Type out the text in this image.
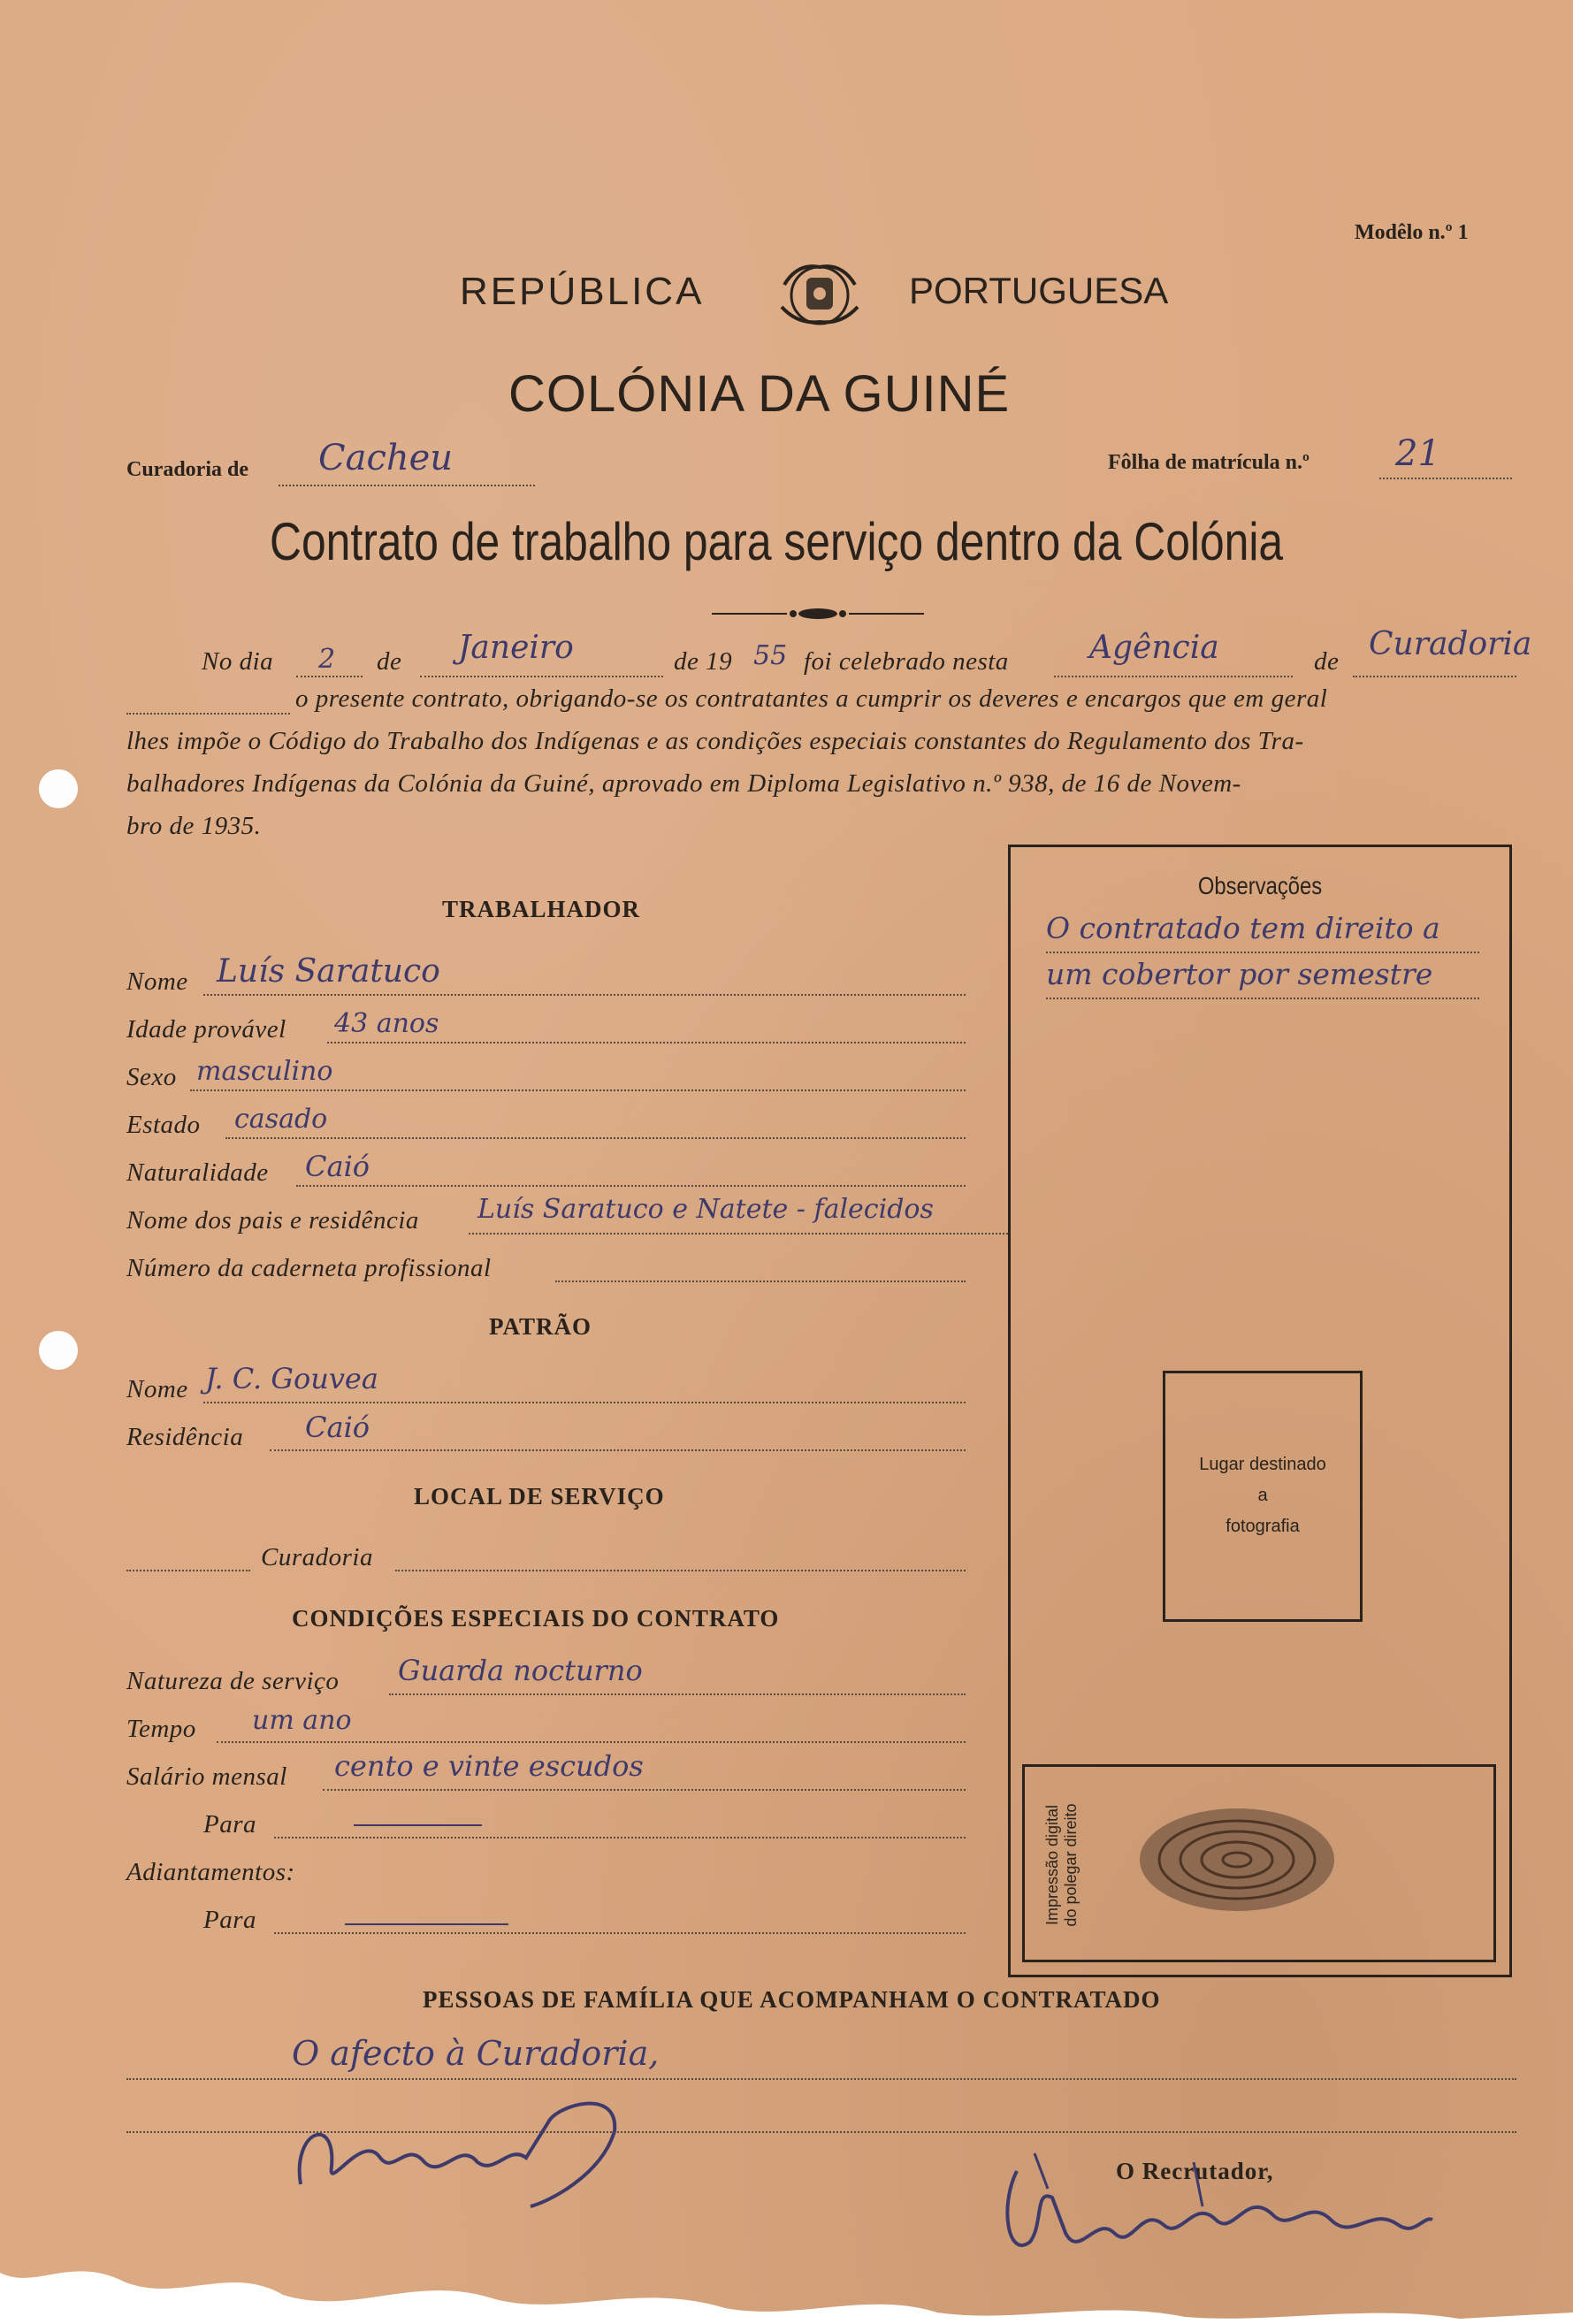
Modêlo n.º 1
REPÚBLICA	PORTUGUESA
COLÓNIA DA GUINÉ
Curadoria de Cacheu	Fôlha de matrícula n.º 21
Contrato de trabalho para serviço dentro da Colónia
No dia 2 de Janeiro	de 19 55 foi celebrado nesta	Agência	de Curadoria
o presente contrato, obrigando-se os contratantes a cumprir os deveres e encargos que em geral
lhes impõe o Código do Trabalho dos Indígenas e as condições especiais constantes do Regulamento dos Tra-
balhadores Indígenas da Colónia da Guiné, aprovado em Diploma Legislativo n.º 938, de 16 de Novem-
bro de 1935.
TRABALHADOR
Nome Luís Saratuco
Idade provável 43 anos
Sexo masculino
Estado casado
Naturalidade Caió
Nome dos pais e residência Luís Saratuco e Natete - falecidos
Número da caderneta profissional
PATRÃO
Nome J. C. Gouvea
Residência Caió
LOCAL DE SERVIÇO
Curadoria
CONDIÇÕES ESPECIAIS DO CONTRATO
Natureza de serviço Guarda nocturno
Tempo um ano
Salário mensal cento e vinte escudos
Para
Adiantamentos:
Para
Observações
O contratado tem direito a
um cobertor por semestre
Lugar destinado
a
fotografia
Impressão digital do polegar direito
PESSOAS DE FAMÍLIA QUE ACOMPANHAM O CONTRATADO
O afecto à Curadoria,
O Recrutador,
